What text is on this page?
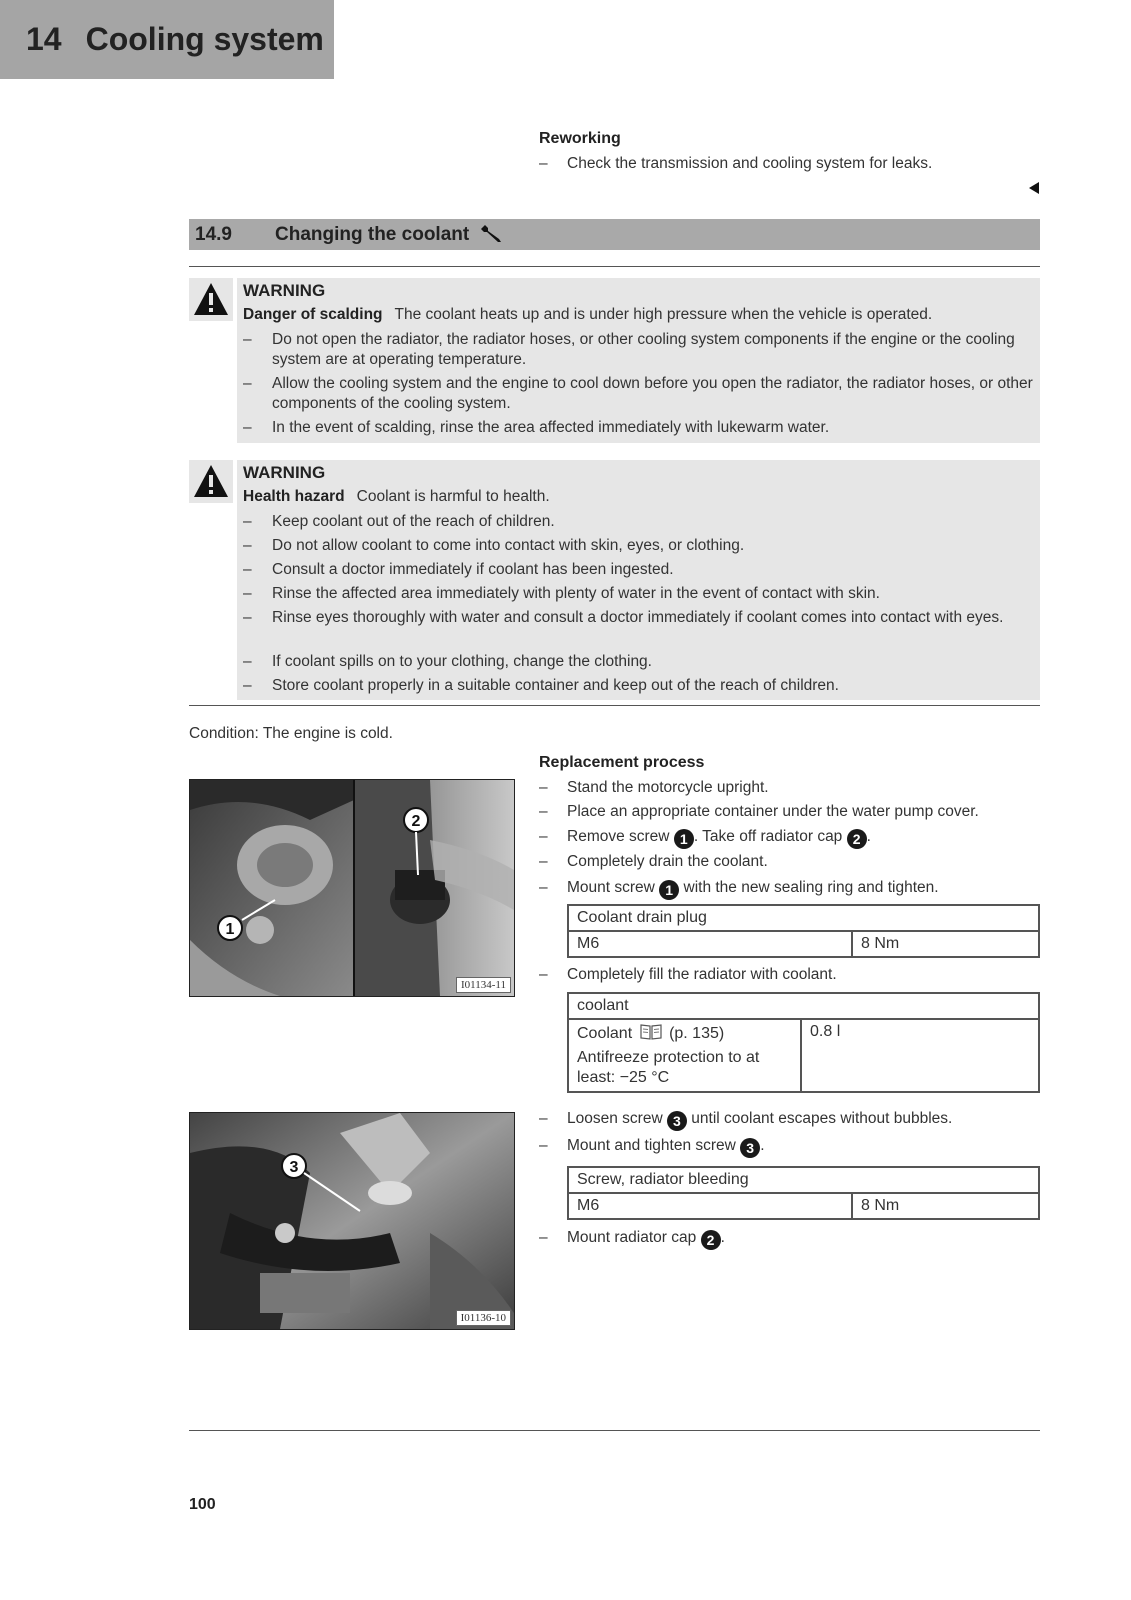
14 Cooling system
Reworking
–	Check the transmission and cooling system for leaks.
14.9 Changing the coolant
WARNING
Danger of scalding The coolant heats up and is under high pressure when the vehicle is operated.
– Do not open the radiator, the radiator hoses, or other cooling system components if the engine or the cooling system are at operating temperature.
– Allow the cooling system and the engine to cool down before you open the radiator, the radiator hoses, or other components of the cooling system.
– In the event of scalding, rinse the area affected immediately with lukewarm water.
WARNING
Health hazard Coolant is harmful to health.
– Keep coolant out of the reach of children.
– Do not allow coolant to come into contact with skin, eyes, or clothing.
– Consult a doctor immediately if coolant has been ingested.
– Rinse the affected area immediately with plenty of water in the event of contact with skin.
– Rinse eyes thoroughly with water and consult a doctor immediately if coolant comes into contact with eyes.
– If coolant spills on to your clothing, change the clothing.
– Store coolant properly in a suitable container and keep out of the reach of children.
Condition: The engine is cold.
Replacement process
–	Stand the motorcycle upright.
–	Place an appropriate container under the water pump cover.
–	Remove screw 1 . Take off radiator cap 2 .
–	Completely drain the coolant.
–	Mount screw 1 with the new sealing ring and tighten.
Coolant drain plug
M6	8 Nm
–	Completely fill the radiator with coolant.
coolant

Coolant (p. 135)
Antifreeze protection to at least: −25 °C
	0.8 l
–	Loosen screw 3 until coolant escapes without bubbles.
–	Mount and tighten screw 3 .
Screw, radiator bleeding
M6	8 Nm
–	Mount radiator cap 2 .
1
2
I01134-11
3
I01136-10
100
